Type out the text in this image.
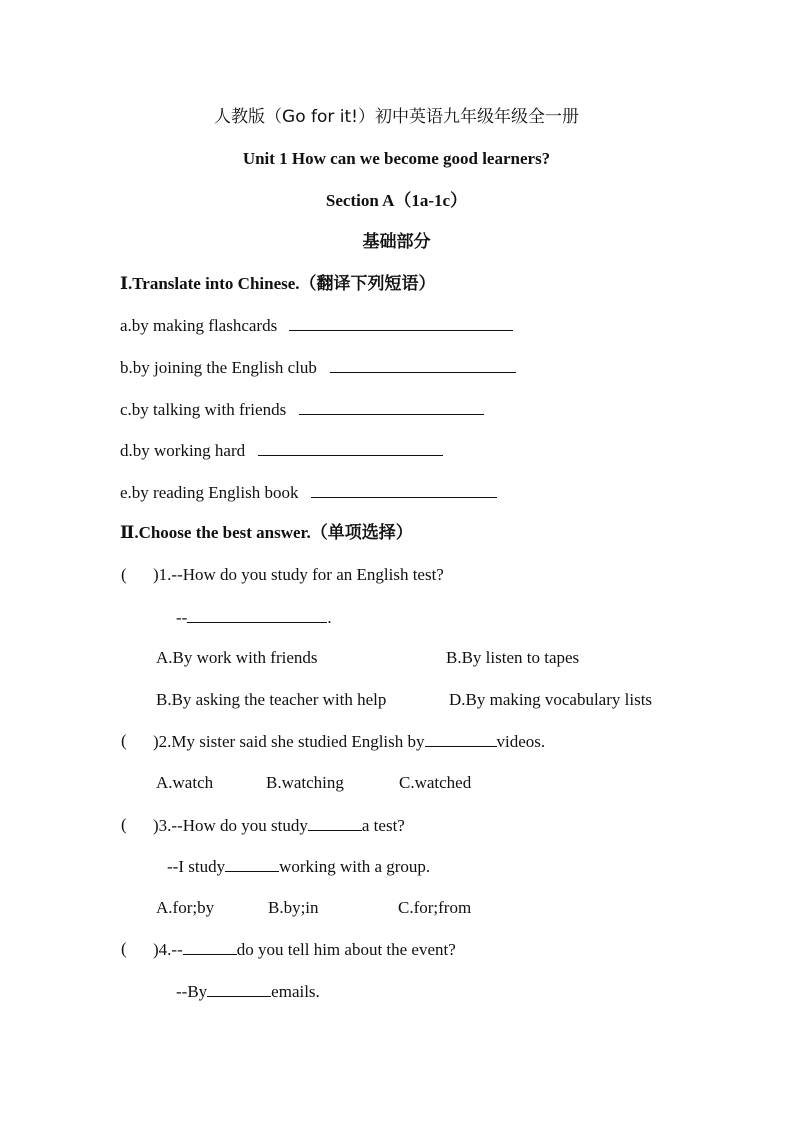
人教版（Go for it!）初中英语九年级年级全一册
Unit 1 How can we become good learners?
Section A（1a-1c）
基础部分
Ⅰ.Translate into Chinese.（翻译下列短语）
a.by making flashcards
b.by joining the English club
c.by talking with friends
d.by working hard
e.by reading English book
Ⅱ.Choose the best answer.（单项选择）
( )1.--How do you study for an English test?
--	.
A.By work with friends	B.By listen to tapes
B.By asking the teacher with help	D.By making vocabulary lists
( )2.My sister said she studied English by	videos.
A.watch	B.watching	C.watched
( )3.--How do you study	a test?
--I study	working with a group.
A.for;by	B.by;in	C.for;from
( )4.--	do you tell him about the event?
--By	emails.
